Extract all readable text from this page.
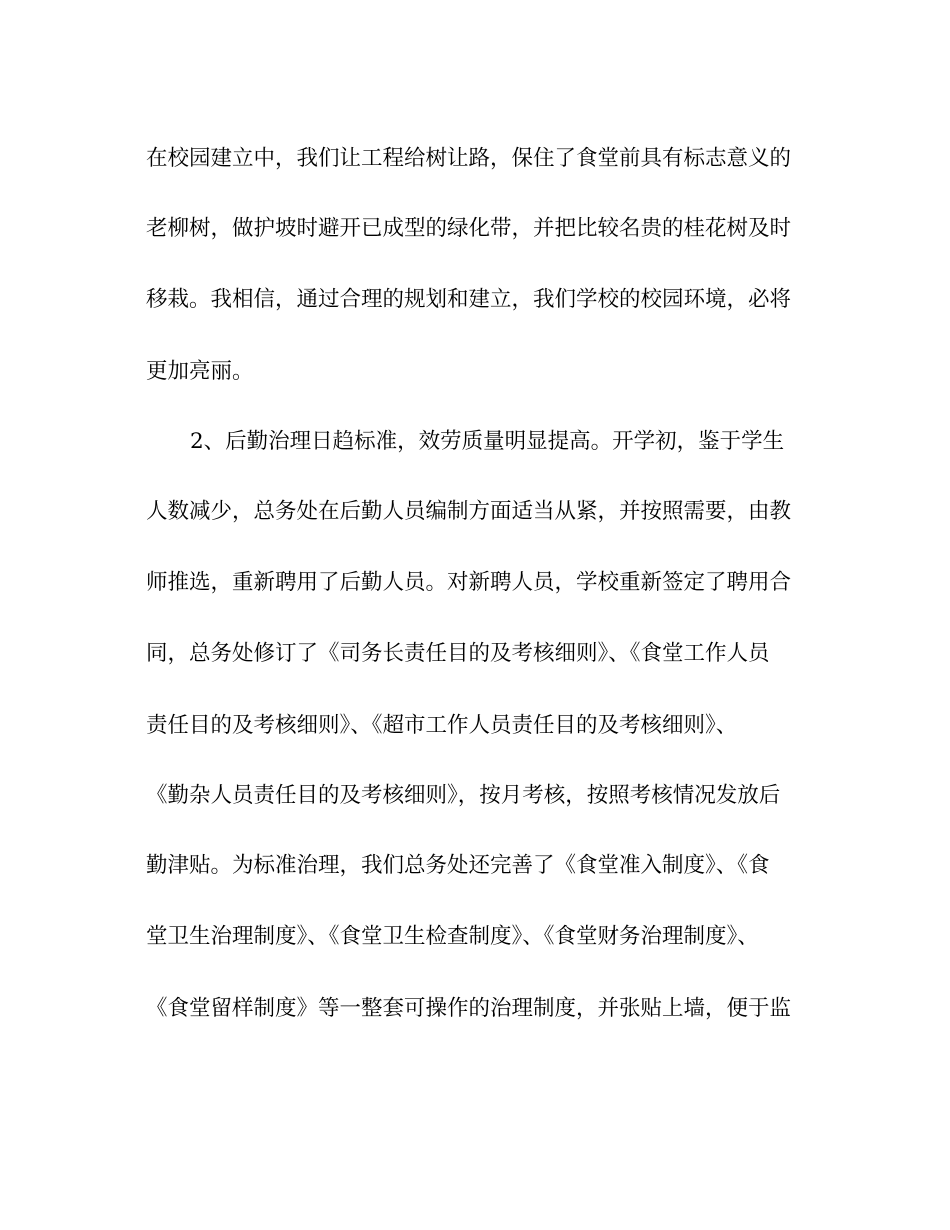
在校园建立中，我们让工程给树让路，保住了食堂前具有标志意义的
老柳树，做护坡时避开已成型的绿化带，并把比较名贵的桂花树及时
移栽。我相信，通过合理的规划和建立，我们学校的校园环境，必将
更加亮丽。
2、后勤治理日趋标准，效劳质量明显提高。开学初，鉴于学生
人数减少，总务处在后勤人员编制方面适当从紧，并按照需要，由教
师推选，重新聘用了后勤人员。对新聘人员，学校重新签定了聘用合
同，总务处修订了《司务长责任目的及考核细则》、《食堂工作人员
责任目的及考核细则》、《超市工作人员责任目的及考核细则》、
《勤杂人员责任目的及考核细则》，按月考核，按照考核情况发放后
勤津贴。为标准治理，我们总务处还完善了《食堂准入制度》、《食
堂卫生治理制度》、《食堂卫生检查制度》、《食堂财务治理制度》、
《食堂留样制度》等一整套可操作的治理制度，并张贴上墙，便于监
